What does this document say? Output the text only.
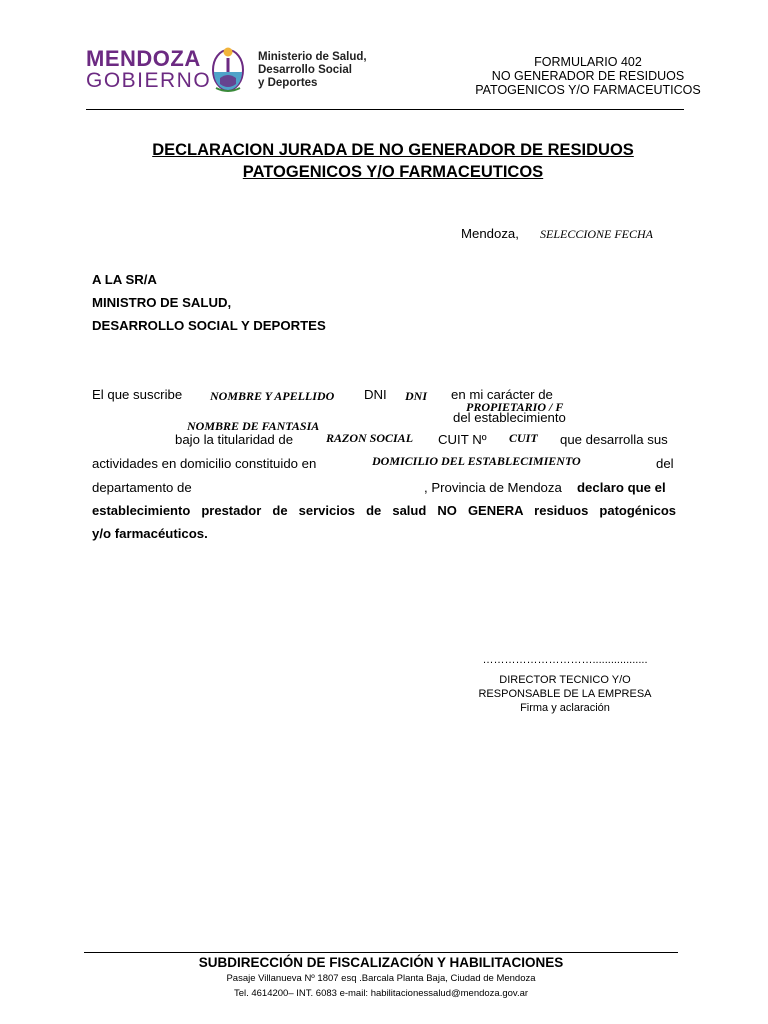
MENDOZA
GOBIERNO
Ministerio de Salud,
Desarrollo Social
y Deportes
FORMULARIO 402
NO GENERADOR DE RESIDUOS
PATOGENICOS Y/O FARMACEUTICOS
DECLARACION JURADA DE NO GENERADOR DE RESIDUOS
PATOGENICOS Y/O FARMACEUTICOS
Mendoza, SELECCIONE FECHA
A LA SR/A
MINISTRO DE SALUD,
DESARROLLO SOCIAL Y DEPORTES
El que suscribe NOMBRE Y APELLIDO DNI DNI en mi carácter de
PROPIETARIO / F
del establecimiento
NOMBRE DE FANTASIA
bajo la titularidad de	RAZON SOCIAL CUIT Nº CUIT que desarrolla sus
actividades en domicilio constituido en	DOMICILIO DEL ESTABLECIMIENTO	del
departamento de	, Provincia de Mendoza declaro que el
establecimiento prestador de servicios de salud NO GENERA residuos patogénicos
y/o farmacéuticos.
…………………………..................
DIRECTOR TECNICO Y/O
RESPONSABLE DE LA EMPRESA
Firma y aclaración
SUBDIRECCIÓN DE FISCALIZACIÓN Y HABILITACIONES
Pasaje Villanueva Nº 1807 esq .Barcala Planta Baja, Ciudad de Mendoza
Tel. 4614200– INT. 6083 e-mail: habilitacionessalud@mendoza.gov.ar
